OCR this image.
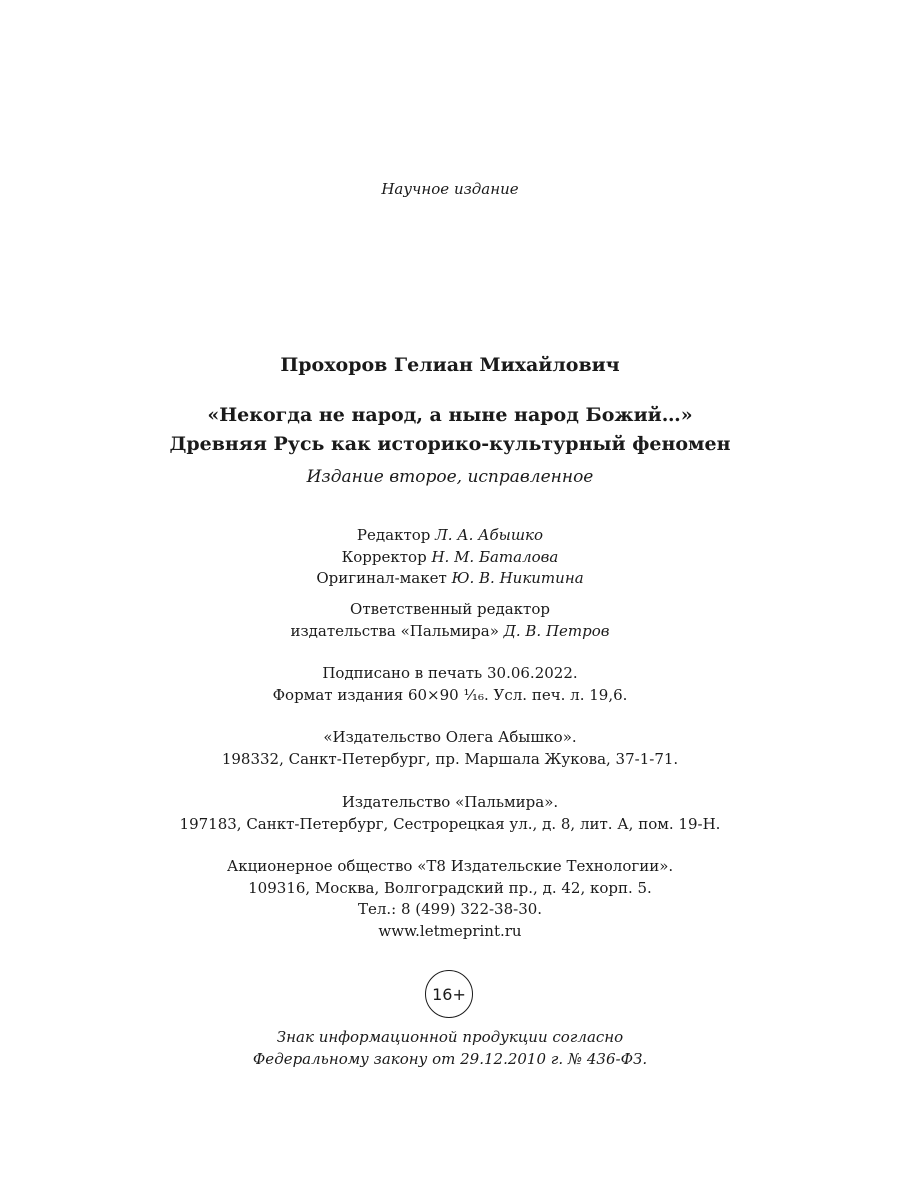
Научное издание
Прохоров Гелиан Михайлович
«Некогда не народ, а ныне народ Божий…»
Древняя Русь как историко-культурный феномен
Издание второе, исправленное
Редактор Л. А. Абышко
Корректор Н. М. Баталова
Оригинал-макет Ю. В. Никитина
Ответственный редактор
издательства «Пальмира» Д. В. Петров
Подписано в печать 30.06.2022.
Формат издания 60×90 ¹⁄₁₆. Усл. печ. л. 19,6.
«Издательство Олега Абышко».
198332, Санкт-Петербург, пр. Маршала Жукова, 37-1-71.
Издательство «Пальмира».
197183, Санкт-Петербург, Сестрорецкая ул., д. 8, лит. А, пом. 19-Н.
Акционерное общество «Т8 Издательские Технологии».
109316, Москва, Волгоградский пр., д. 42, корп. 5.
Тел.: 8 (499) 322-38-30.
www.letmeprint.ru
16+
Знак информационной продукции согласно
Федеральному закону от 29.12.2010 г. № 436-ФЗ.
